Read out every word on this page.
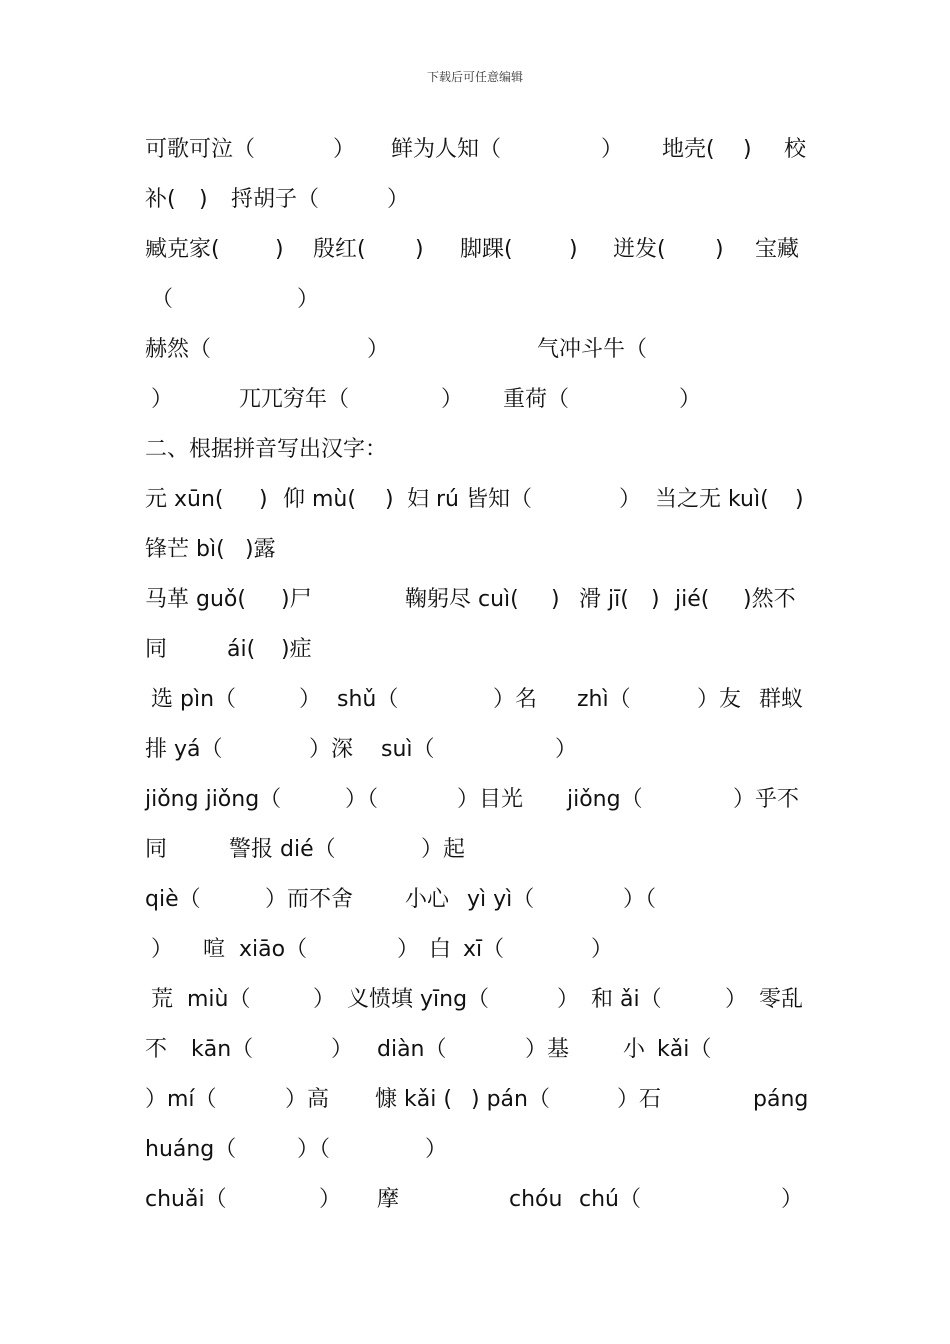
下载后可任意编辑
可歌可泣（	） 鲜为人知（	） 地壳( ) 校
补( ) 捋胡子（	）
臧克家(	) 殷红( ) 脚踝(	) 迸发( ) 宝藏
（	）
赫然（	）	气冲斗牛（
）	兀兀穷年（	） 重荷（	）
二、根据拼音写出汉字：
元 xūn( ) 仰 mù( ) 妇 rú 皆知（	） 当之无 kuì( )
锋芒 bì( )露
马革 guǒ( )尸	鞠躬尽 cuì( ) 滑 jī( ) jié( )然不
同	ái( )症
选 pìn（	） shǔ（	）名 zhì（	）友 群蚁
排 yá（	）深 suì（	）
jiǒng jiǒng（	）（	）目光 jiǒng（	）乎不
同	警报 dié（	）起
qiè（	）而不舍 小心 yì yì（	）（
） 喧 xiāo（	） 白 xī（	）
荒 miù（	） 义愤填 yīng（	） 和 ǎi（	） 零乱
不 kān（	） diàn（	）基 小 kǎi（
）mí（	）高 慷 kǎi ( ) pán（	）石	páng
huáng（	）（	）
chuǎi（	） 摩	chóu chú（	）
